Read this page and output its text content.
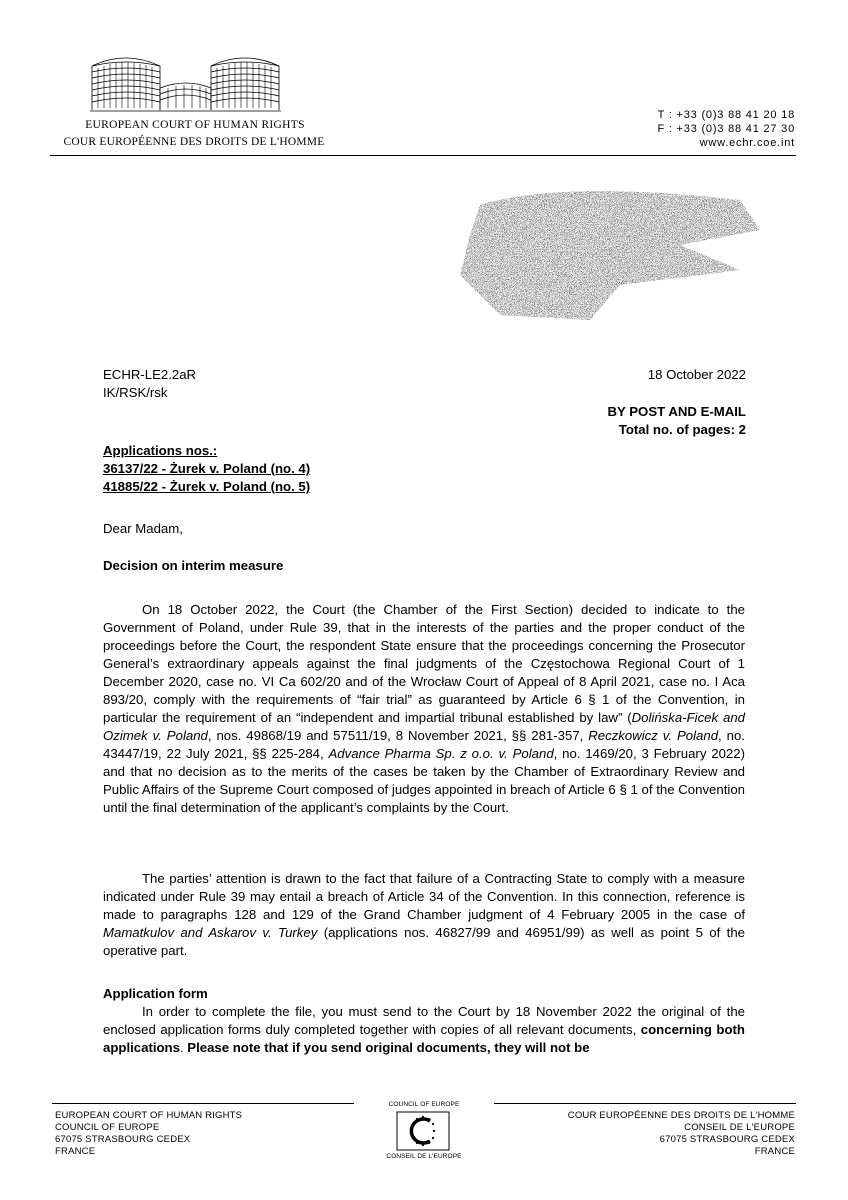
EUROPEAN COURT OF HUMAN RIGHTS
COUR EUROPÉENNE DES DROITS DE L'HOMME
T : +33 (0)3 88 41 20 18
F : +33 (0)3 88 41 27 30
www.echr.coe.int
ECHR-LE2.2aR
IK/RSK/rsk
18 October 2022
BY POST AND E-MAIL
Total no. of pages: 2
Applications nos.:
36137/22 - Żurek v. Poland (no. 4)
41885/22 - Żurek v. Poland (no. 5)
Dear Madam,
Decision on interim measure

On 18 October 2022, the Court (the Chamber of the First Section) decided to indicate to the Government of Poland, under Rule 39, that in the interests of the parties and the proper conduct of the proceedings before the Court, the respondent State ensure that the proceedings concerning the Prosecutor General’s extraordinary appeals against the final judgments of the Częstochowa Regional Court of 1 December 2020, case no. VI Ca 602/20 and of the Wrocław Court of Appeal of 8 April 2021, case no. I Aca 893/20, comply with the requirements of “fair trial” as guaranteed by Article 6 § 1 of the Convention, in particular the requirement of an “independent and impartial tribunal established by law” (Dolińska-Ficek and Ozimek v. Poland, nos. 49868/19 and 57511/19, 8 November 2021, §§ 281-357, Reczkowicz v. Poland, no. 43447/19, 22 July 2021, §§ 225-284, Advance Pharma Sp. z o.o. v. Poland, no. 1469/20, 3 February 2022) and that no decision as to the merits of the cases be taken by the Chamber of Extraordinary Review and Public Affairs of the Supreme Court composed of judges appointed in breach of Article 6 § 1 of the Convention until the final determination of the applicant’s complaints by the Court.

The parties’ attention is drawn to the fact that failure of a Contracting State to comply with a measure indicated under Rule 39 may entail a breach of Article 34 of the Convention. In this connection, reference is made to paragraphs 128 and 129 of the Grand Chamber judgment of 4 February 2005 in the case of Mamatkulov and Askarov v. Turkey (applications nos. 46827/99 and 46951/99) as well as point 5 of the operative part.

Application form

In order to complete the file, you must send to the Court by 18 November 2022 the original of the enclosed application forms duly completed together with copies of all relevant documents, concerning both applications. Please note that if you send original documents, they will not be

EUROPEAN COURT OF HUMAN RIGHTS
COUNCIL OF EUROPE
67075 STRASBOURG CEDEX
FRANCE
COUR EUROPÉENNE DES DROITS DE L'HOMME
CONSEIL DE L'EUROPE
67075 STRASBOURG CEDEX
FRANCE
COUNCIL OF EUROPE
CONSEIL DE L'EUROPE
